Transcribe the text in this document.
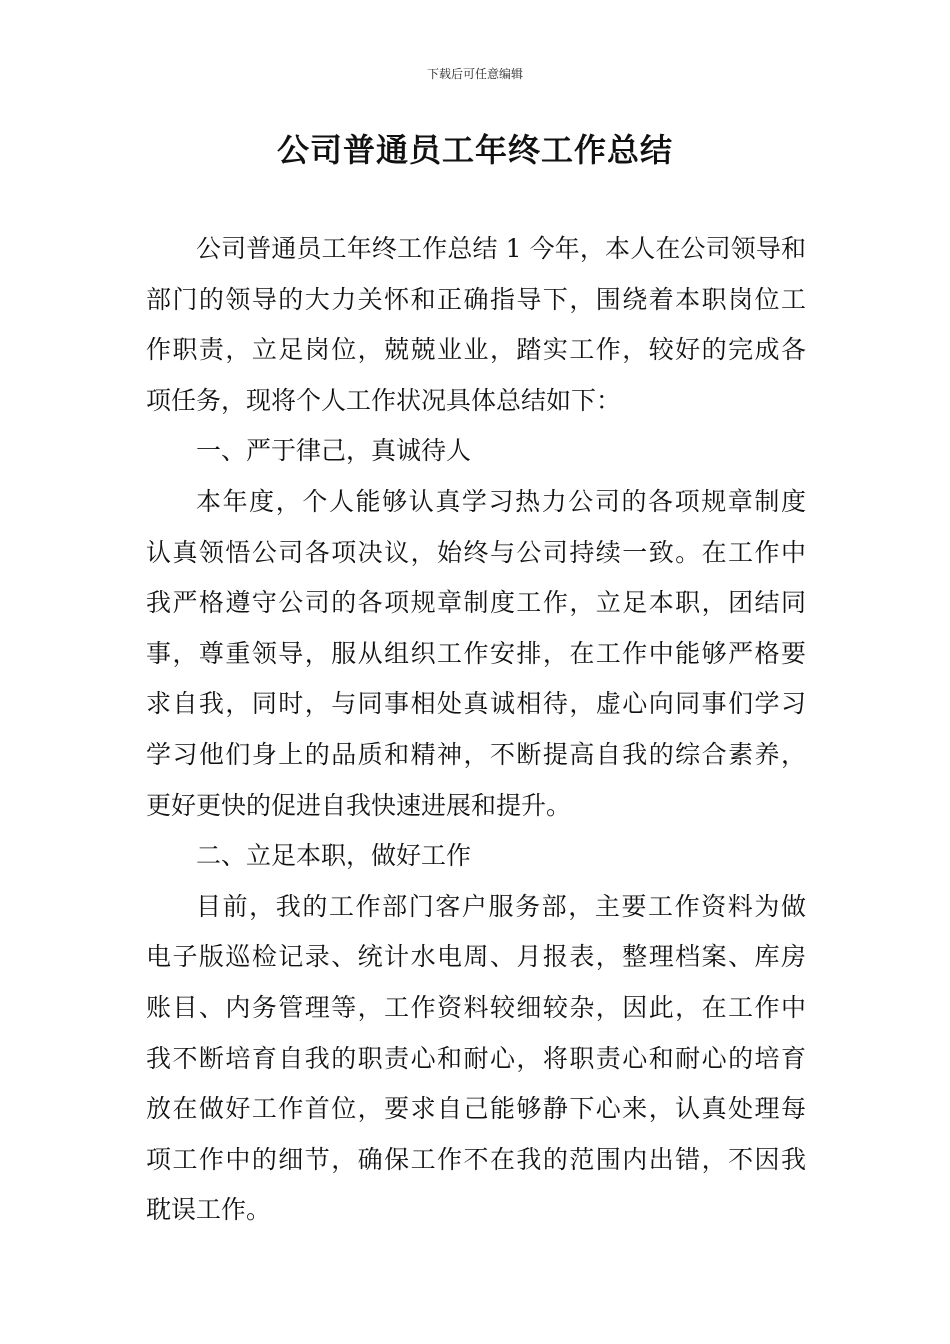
下载后可任意编辑
公司普通员工年终工作总结
公司普通员工年终工作总结 1 今年，本人在公司领导和
部门的领导的大力关怀和正确指导下，围绕着本职岗位工
作职责，立足岗位，兢兢业业，踏实工作，较好的完成各
项任务，现将个人工作状况具体总结如下：
一、严于律己，真诚待人
本年度，个人能够认真学习热力公司的各项规章制度
认真领悟公司各项决议，始终与公司持续一致。在工作中
我严格遵守公司的各项规章制度工作，立足本职，团结同
事，尊重领导，服从组织工作安排，在工作中能够严格要
求自我，同时，与同事相处真诚相待，虚心向同事们学习
学习他们身上的品质和精神，不断提高自我的综合素养，
更好更快的促进自我快速进展和提升。
二、立足本职，做好工作
目前，我的工作部门客户服务部，主要工作资料为做
电子版巡检记录、统计水电周、月报表，整理档案、库房
账目、内务管理等，工作资料较细较杂，因此，在工作中
我不断培育自我的职责心和耐心，将职责心和耐心的培育
放在做好工作首位，要求自己能够静下心来，认真处理每
项工作中的细节，确保工作不在我的范围内出错，不因我
耽误工作。
